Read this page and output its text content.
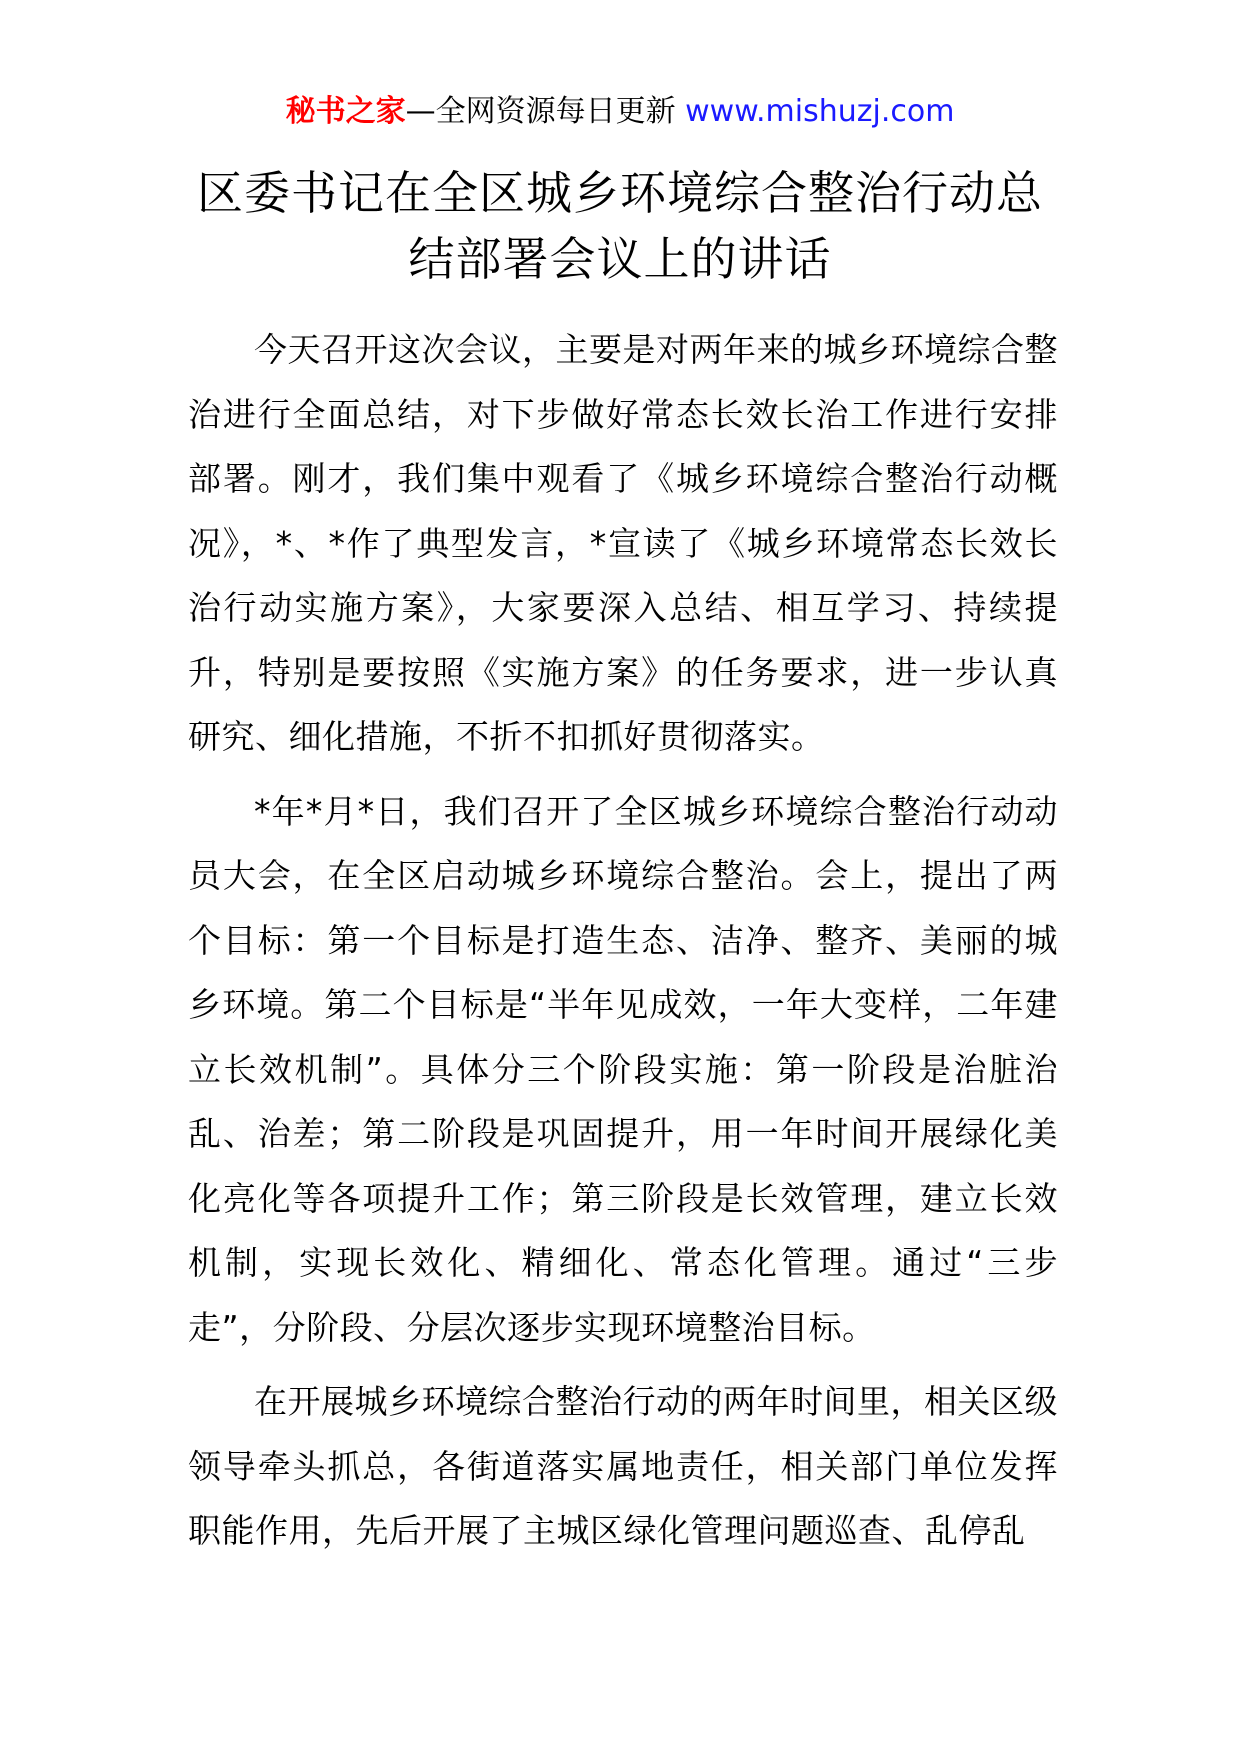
秘书之家—全网资源每日更新 www.mishuzj.com
区委书记在全区城乡环境综合整治行动总
结部署会议上的讲话

今天召开这次会议，主要是对两年来的城乡环境综合整治进行全面总结，对下步做好常态长效长治工作进行安排部署。刚才，我们集中观看了《城乡环境综合整治行动概况》，*、*作了典型发言，*宣读了《城乡环境常态长效长治行动实施方案》，大家要深入总结、相互学习、持续提升，特别是要按照《实施方案》的任务要求，进一步认真研究、细化措施，不折不扣抓好贯彻落实。

*年*月*日，我们召开了全区城乡环境综合整治行动动员大会，在全区启动城乡环境综合整治。会上，提出了两个目标：第一个目标是打造生态、洁净、整齐、美丽的城乡环境。第二个目标是“半年见成效，一年大变样，二年建立长效机制”。具体分三个阶段实施：第一阶段是治脏治乱、治差；第二阶段是巩固提升，用一年时间开展绿化美化亮化等各项提升工作；第三阶段是长效管理，建立长效机制，实现长效化、精细化、常态化管理。通过“三步走”，分阶段、分层次逐步实现环境整治目标。

在开展城乡环境综合整治行动的两年时间里，相关区级领导牵头抓总，各街道落实属地责任，相关部门单位发挥职能作用，先后开展了主城区绿化管理问题巡查、乱停乱
